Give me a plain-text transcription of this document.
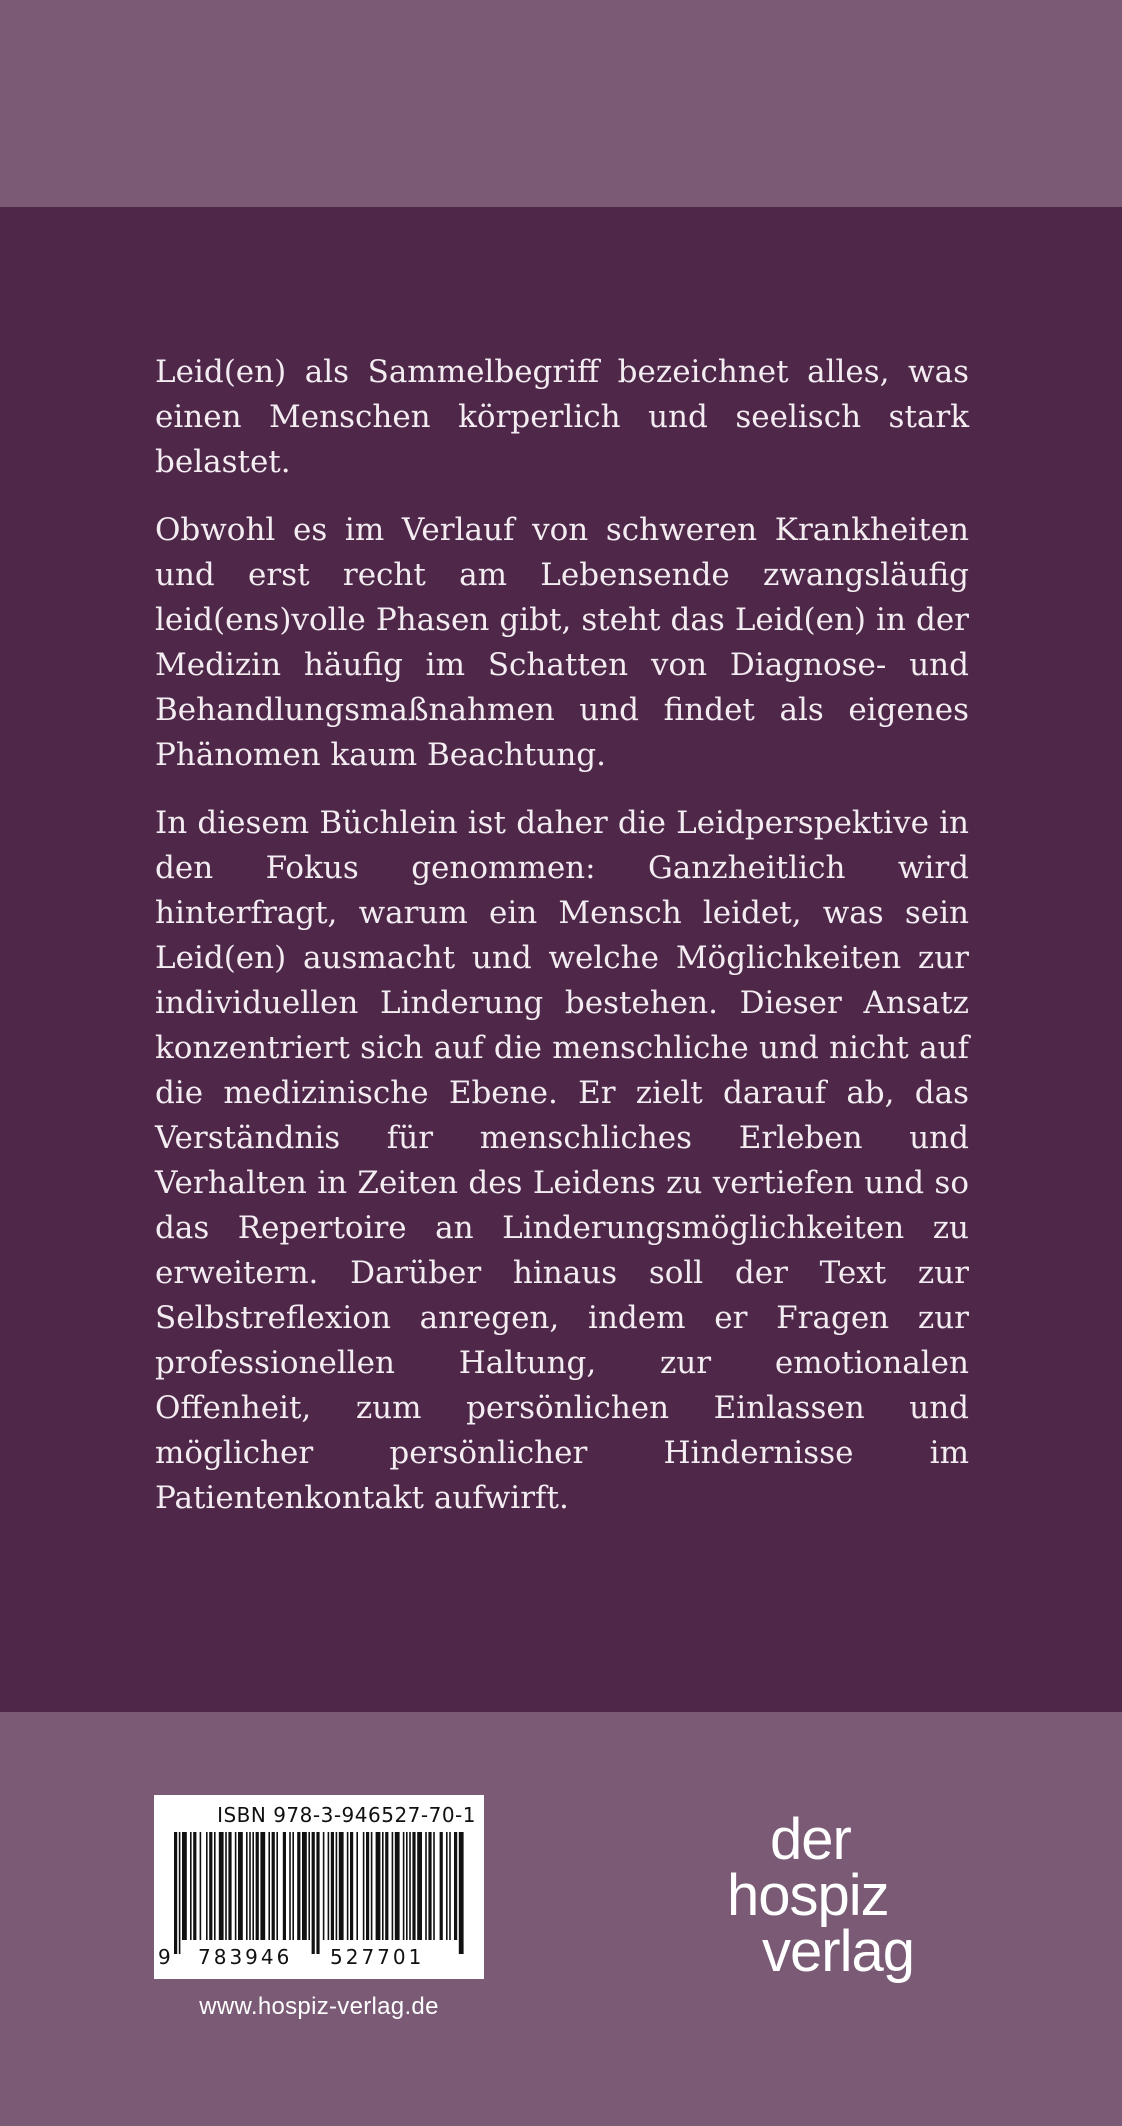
Leid(en) als Sammelbegriff bezeichnet alles, was einen Menschen körperlich und seelisch stark belastet.

Obwohl es im Verlauf von schweren Krankheiten und erst recht am Lebensende zwangsläufig leid(ens)volle Phasen gibt, steht das Leid(en) in der Medizin häufig im Schatten von Diagnose- und Behandlungsmaßnahmen und findet als eigenes Phänomen kaum Beachtung.

In diesem Büchlein ist daher die Leidperspektive in den Fokus genommen: Ganzheitlich wird hinterfragt, warum ein Mensch leidet, was sein Leid(en) ausmacht und welche Möglichkeiten zur individuellen Linderung bestehen. Dieser Ansatz konzentriert sich auf die menschliche und nicht auf die medizinische Ebene. Er zielt darauf ab, das Verständnis für menschliches Erleben und Verhalten in Zeiten des Leidens zu vertiefen und so das Repertoire an Linderungsmöglichkeiten zu erweitern. Darüber hinaus soll der Text zur Selbstreflexion anregen, indem er Fragen zur professionellen Haltung, zur emotionalen Offenheit, zum persönlichen Einlassen und möglicher persönlicher Hindernisse im Patientenkontakt aufwirft.

ISBN 978-3-946527-70-1
9 783946 527701
www.hospiz-verlag.de
der
hospiz
verlag
